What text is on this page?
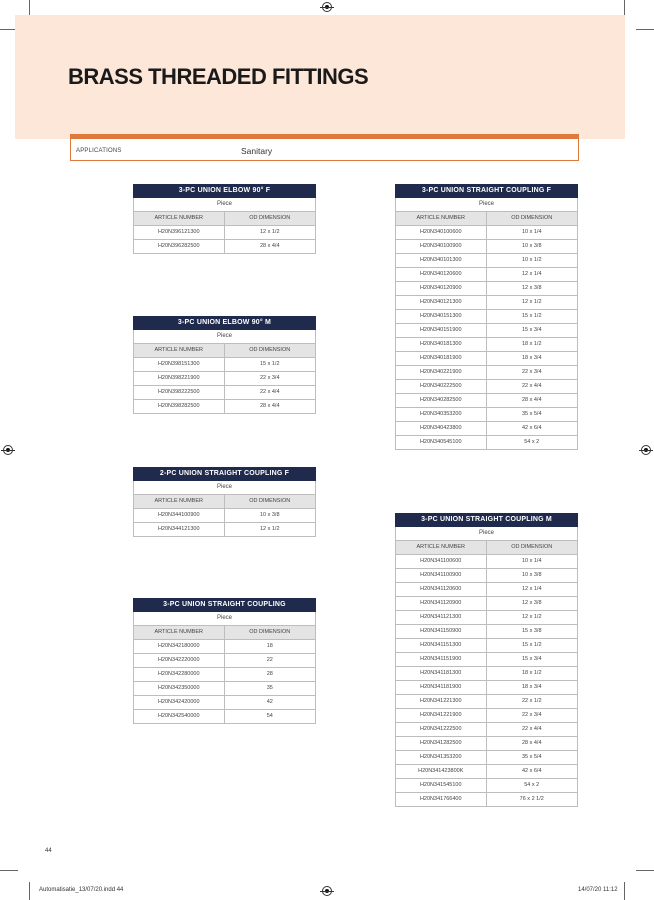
BRASS THREADED FITTINGS
APPLICATIONS	Sanitary
3-PC UNION ELBOW 90° F
Piece
ARTICLE NUMBER	OD DIMENSION
H20N396121300	12 x 1/2
H20N396282500	28 x 4/4
3-PC UNION ELBOW 90° M
Piece
ARTICLE NUMBER	OD DIMENSION
H20N398151300	15 x 1/2
H20N398221900	22 x 3/4
H20N398222500	22 x 4/4
H20N398282500	28 x 4/4
2-PC UNION STRAIGHT COUPLING F
Piece
ARTICLE NUMBER	OD DIMENSION
H20N344100900	10 x 3/8
H20N344121300	12 x 1/2
3-PC UNION STRAIGHT COUPLING
Piece
ARTICLE NUMBER	OD DIMENSION
H20N342180000	18
H20N342220000	22
H20N342280000	28
H20N342350000	35
H20N342420000	42
H20N342540000	54
3-PC UNION STRAIGHT COUPLING F
Piece
ARTICLE NUMBER	OD DIMENSION
H20N340100600	10 x 1/4
H20N340100900	10 x 3/8
H20N340101300	10 x 1/2
H20N340120600	12 x 1/4
H20N340120900	12 x 3/8
H20N340121300	12 x 1/2
H20N340151300	15 x 1/2
H20N340151900	15 x 3/4
H20N340181300	18 x 1/2
H20N340181900	18 x 3/4
H20N340221900	22 x 3/4
H20N340222500	22 x 4/4
H20N340282500	28 x 4/4
H20N340353200	35 x 5/4
H20N340423800	42 x 6/4
H20N340545100	54 x 2
3-PC UNION STRAIGHT COUPLING M
Piece
ARTICLE NUMBER	OD DIMENSION
H20N341100600	10 x 1/4
H20N341100900	10 x 3/8
H20N341120600	12 x 1/4
H20N341120900	12 x 3/8
H20N341121300	12 x 1/2
H20N341150900	15 x 3/8
H20N341151300	15 x 1/2
H20N341151900	15 x 3/4
H20N341181300	18 x 1/2
H20N341181900	18 x 3/4
H20N341221300	22 x 1/2
H20N341221900	22 x 3/4
H20N341222500	22 x 4/4
H20N341282500	28 x 4/4
H20N341353200	35 x 5/4
H20N341423800K	42 x 6/4
H20N341545100	54 x 2
H20N341766400	76 x 2 1/2
44
Automatisatie_13/07/20.indd 44	14/07/20 11:12
